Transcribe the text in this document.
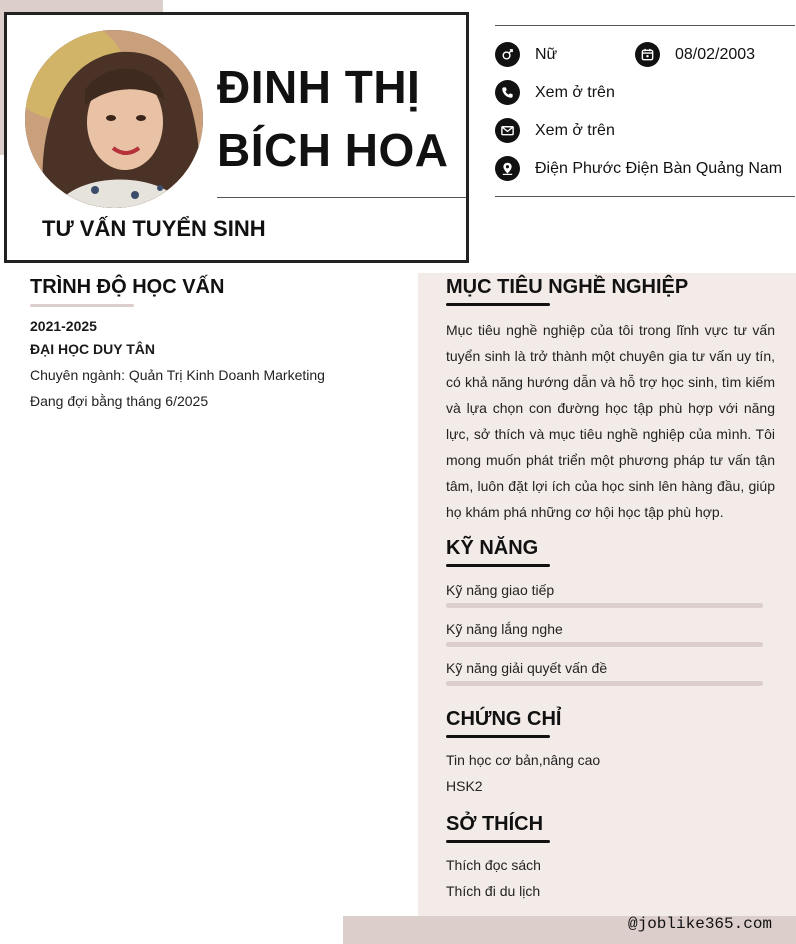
ĐINH THỊ
BÍCH HOA
TƯ VẤN TUYỂN SINH
Nữ	08/02/2003
Xem ở trên
Xem ở trên
Điện Phước Điện Bàn Quảng Nam
TRÌNH ĐỘ HỌC VẤN
2021-2025
ĐẠI HỌC DUY TÂN
Chuyên ngành: Quản Trị Kinh Doanh Marketing
Đang đợi bằng tháng 6/2025
MỤC TIÊU NGHỀ NGHIỆP
Mục tiêu nghề nghiệp của tôi trong lĩnh vực tư vấn tuyển sinh là trở thành một chuyên gia tư vấn uy tín, có khả năng hướng dẫn và hỗ trợ học sinh, tìm kiếm và lựa chọn con đường học tập phù hợp với năng lực, sở thích và mục tiêu nghề nghiệp của mình. Tôi mong muốn phát triển một phương pháp tư vấn tận tâm, luôn đặt lợi ích của học sinh lên hàng đầu, giúp họ khám phá những cơ hội học tập phù hợp.
KỸ NĂNG
Kỹ năng giao tiếp
Kỹ năng lắng nghe
Kỹ năng giải quyết vấn đề
CHỨNG CHỈ
Tin học cơ bản,nâng cao
HSK2
SỞ THÍCH
Thích đọc sách
Thích đi du lịch
@joblike365.com
